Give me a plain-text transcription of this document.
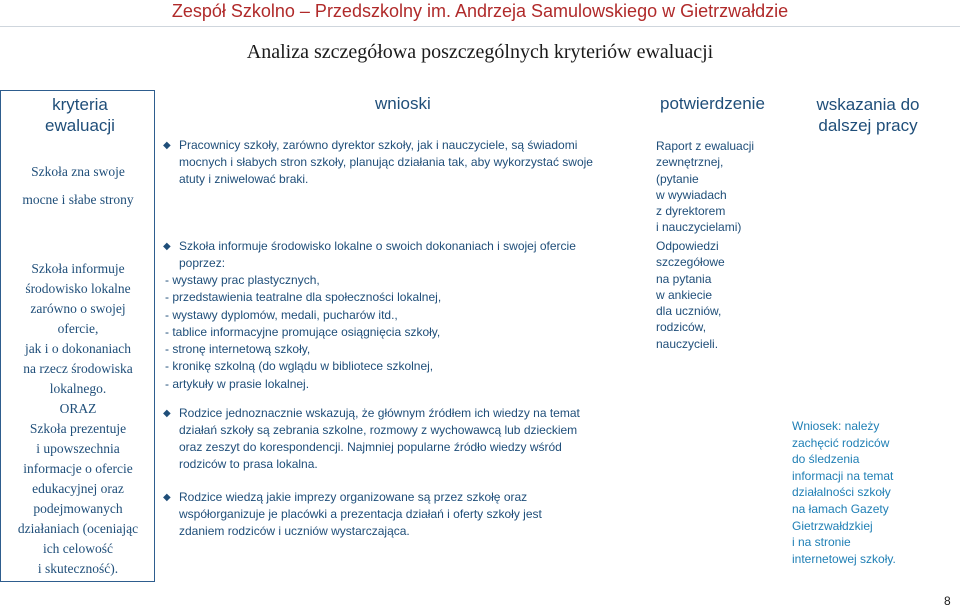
Zespół Szkolno – Przedszkolny im. Andrzeja Samulowskiego w Gietrzwałdzie
Analiza szczegółowa poszczególnych kryteriów ewaluacji
kryteria
ewaluacji
wnioski	potwierdzenie	wskazania do
dalszej pracy
Szkoła zna swoje
mocne i słabe strony
Szkoła informuje
środowisko lokalne
zarówno o swojej
ofercie,
jak i o dokonaniach
na rzecz środowiska
lokalnego.
ORAZ
Szkoła prezentuje
i upowszechnia
informacje o ofercie
edukacyjnej oraz
podejmowanych
działaniach (oceniając
ich celowość
i skuteczność).
◆ Pracownicy szkoły, zarówno dyrektor szkoły, jak i nauczyciele, są świadomi
mocnych i słabych stron szkoły, planując działania tak, aby wykorzystać swoje
atuty i zniwelować braki.
◆ Szkoła informuje środowisko lokalne o swoich dokonaniach i swojej ofercie
poprzez:
- wystawy prac plastycznych,
- przedstawienia teatralne dla społeczności lokalnej,
- wystawy dyplomów, medali, pucharów itd.,
- tablice informacyjne promujące osiągnięcia szkoły,
- stronę internetową szkoły,
- kronikę szkolną (do wglądu w bibliotece szkolnej,
- artykuły w prasie lokalnej.
◆ Rodzice jednoznacznie wskazują, że głównym źródłem ich wiedzy na temat
działań szkoły są zebrania szkolne, rozmowy z wychowawcą lub dzieckiem
oraz zeszyt do korespondencji. Najmniej popularne źródło wiedzy wśród
rodziców to prasa lokalna.
◆ Rodzice wiedzą jakie imprezy organizowane są przez szkołę oraz
współorganizuje je placówki a prezentacja działań i oferty szkoły jest
zdaniem rodziców i uczniów wystarczająca.
Raport z ewaluacji
zewnętrznej,
(pytanie
w wywiadach
z dyrektorem
i nauczycielami)
Odpowiedzi
szczegółowe
na pytania
w ankiecie
dla uczniów,
rodziców,
nauczycieli.
Wniosek: należy
zachęcić rodziców
do śledzenia
informacji na temat
działalności szkoły
na łamach Gazety
Gietrzwałdzkiej
i na stronie
internetowej szkoły.
8
